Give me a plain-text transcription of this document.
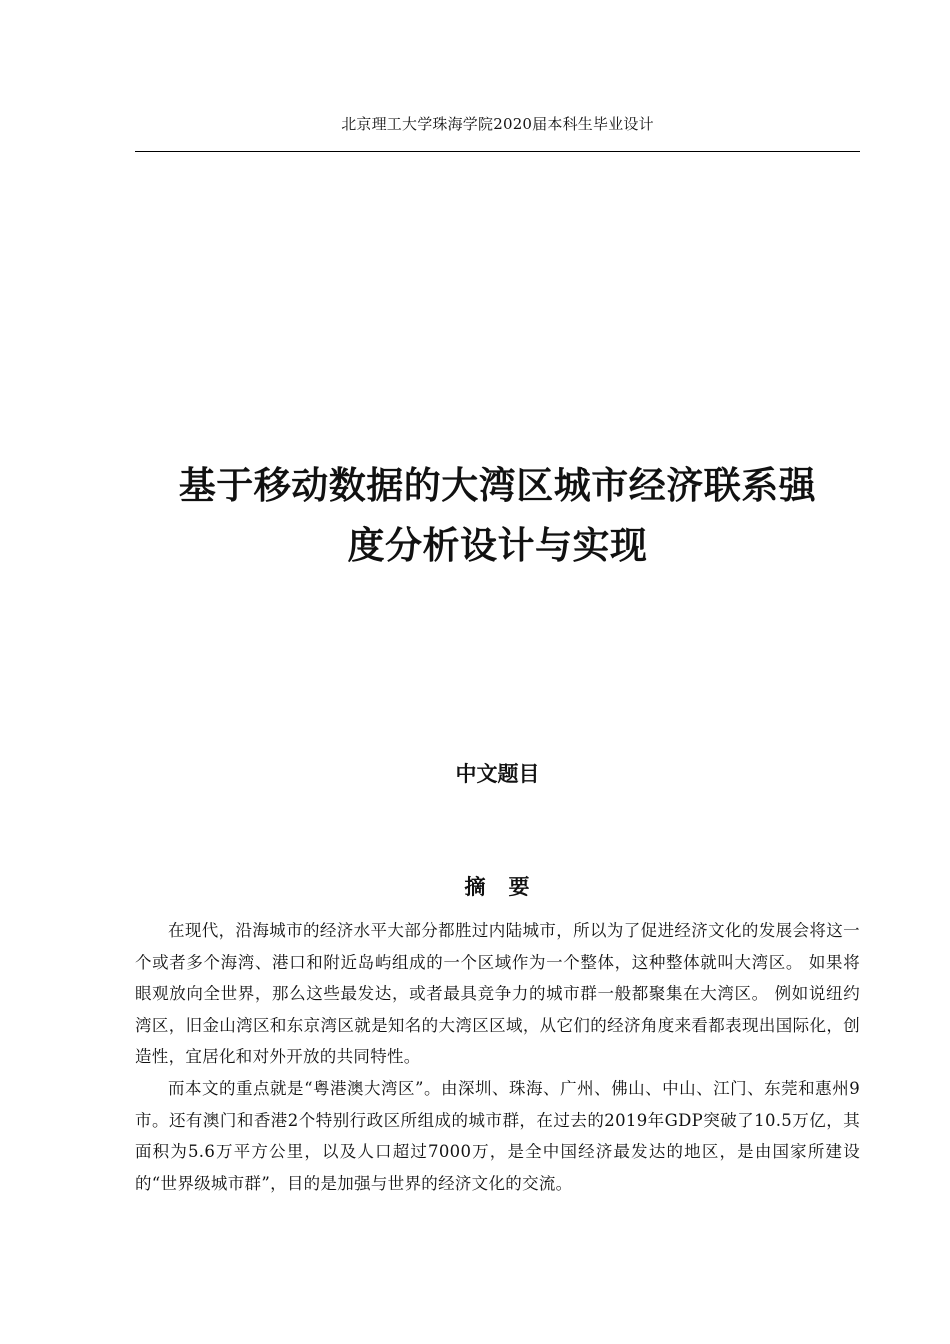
北京理工大学珠海学院2020届本科生毕业设计
基于移动数据的大湾区城市经济联系强
度分析设计与实现
中文题目
摘　要

在现代，沿海城市的经济水平大部分都胜过内陆城市，所以为了促进经济文化的发展会将这一个或者多个海湾、港口和附近岛屿组成的一个区域作为一个整体，这种整体就叫大湾区。 如果将眼观放向全世界，那么这些最发达，或者最具竞争力的城市群一般都聚集在大湾区。 例如说纽约湾区，旧金山湾区和东京湾区就是知名的大湾区区域，从它们的经济角度来看都表现出国际化，创造性，宜居化和对外开放的共同特性。

而本文的重点就是“粤港澳大湾区”。由深圳、珠海、广州、佛山、中山、江门、东莞和惠州9市。还有澳门和香港2个特别行政区所组成的城市群，在过去的2019年GDP突破了10.5万亿，其面积为5.6万平方公里，以及人口超过7000万，是全中国经济最发达的地区，是由国家所建设的“世界级城市群”，目的是加强与世界的经济文化的交流。
